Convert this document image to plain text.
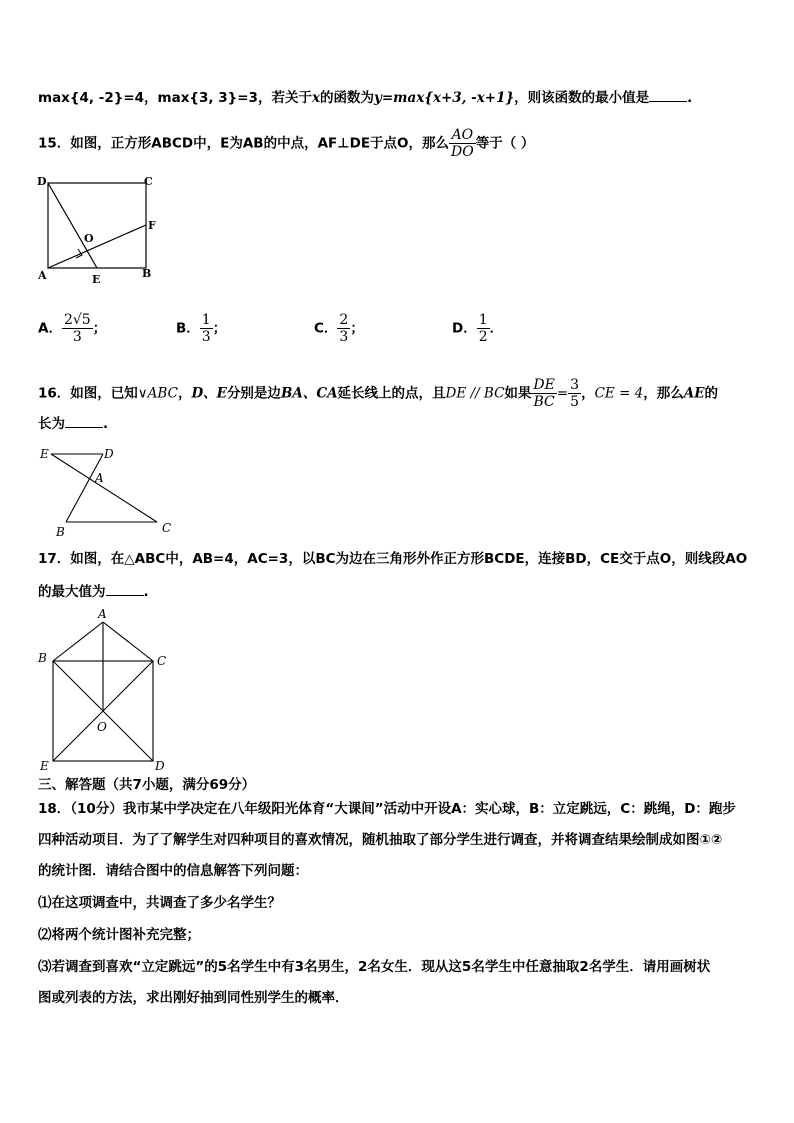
max{4, -2}=4，max{3, 3}=3，若关于x的函数为y=max{x+3, -x+1}，则该函数的最小值是	.
15．如图，正方形ABCD中，E为AB的中点，AF⊥DE于点O，那么 $\frac{AO}{DO}$ 等于（ ）
D	C
F
O
A	E	B
A． $\frac{2√5}{3}$ ；	B． $\frac{1}{3}$ ；	C． $\frac{2}{3}$ ；	D． $\frac{1}{2}$ ．
16．如图，已知∨ABC，D、E分别是边BA、CA延长线上的点，且DE // BC如果 $\frac{DE}{BC} = \frac{3}{5}$ ，CE = 4，那么AE的
长为	.
E	D
A
B	C
17．如图，在△ABC中，AB=4，AC=3，以BC为边在三角形外作正方形BCDE，连接BD，CE交于点O，则线段AO
的最大值为	.
A
B	C
O
E	D
三、解答题（共7小题，满分69分）
18．（10分）我市某中学决定在八年级阳光体育“大课间”活动中开设A：实心球，B：立定跳远，C：跳绳，D：跑步
四种活动项目．为了了解学生对四种项目的喜欢情况，随机抽取了部分学生进行调查，并将调查结果绘制成如图①②
的统计图．请结合图中的信息解答下列问题：
⑴在这项调查中，共调查了多少名学生？
⑵将两个统计图补充完整；
⑶若调查到喜欢“立定跳远”的5名学生中有3名男生，2名女生．现从这5名学生中任意抽取2名学生．请用画树状
图或列表的方法，求出刚好抽到同性别学生的概率．
